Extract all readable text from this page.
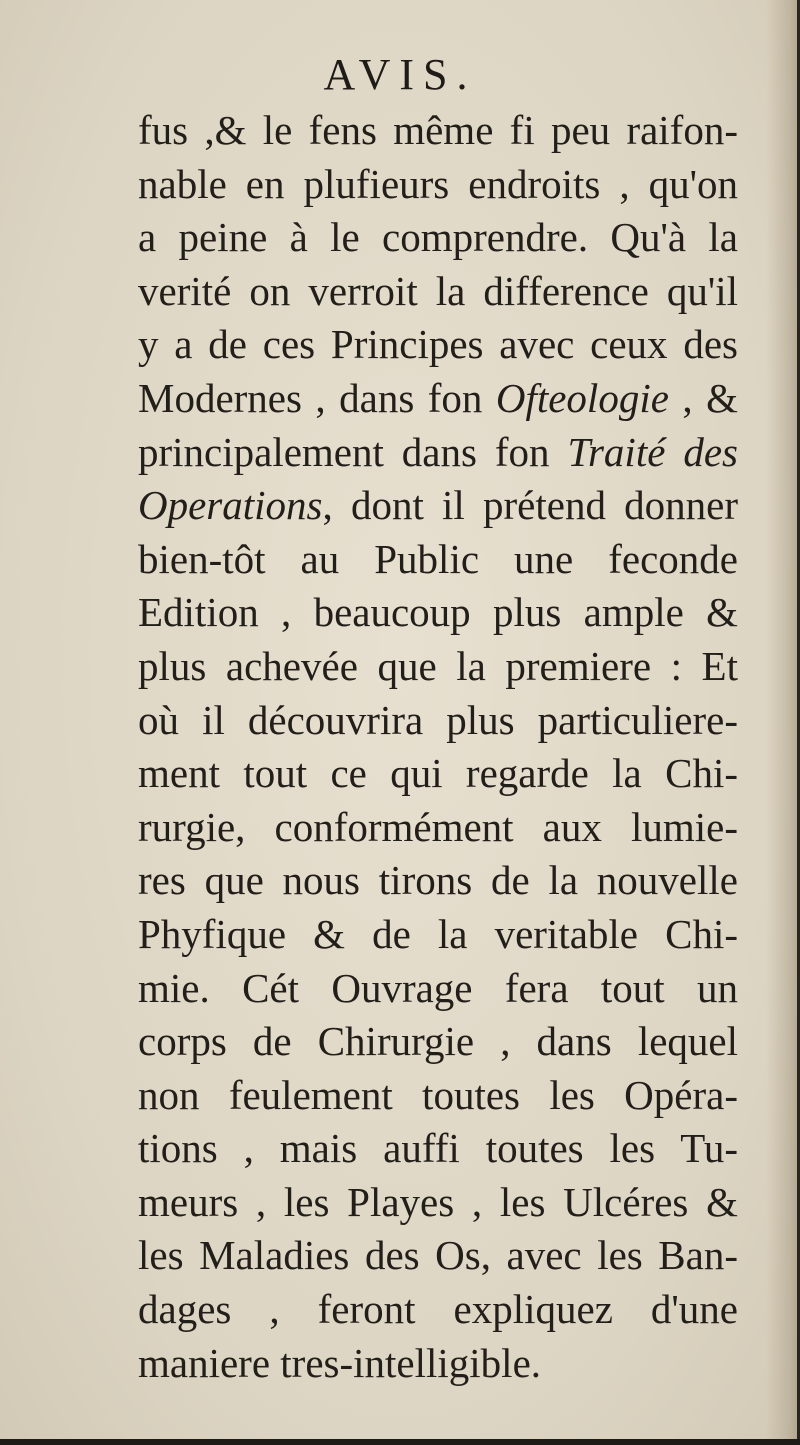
AVIS.
fus ,& le fens même fi peu raifon-
nable en plufieurs endroits , qu'on
a peine à le comprendre. Qu'à la
verité on verroit la difference qu'il
y a de ces Principes avec ceux des
Modernes , dans fon Ofteologie , &
principalement dans fon Traité des
Operations, dont il prétend donner
bien-tôt au Public une feconde
Edition , beaucoup plus ample &
plus achevée que la premiere : Et
où il découvrira plus particuliere-
ment tout ce qui regarde la Chi-
rurgie, conformément aux lumie-
res que nous tirons de la nouvelle
Phyfique & de la veritable Chi-
mie. Cét Ouvrage fera tout un
corps de Chirurgie , dans lequel
non feulement toutes les Opéra-
tions , mais auffi toutes les Tu-
meurs , les Playes , les Ulcéres &
les Maladies des Os, avec les Ban-
dages , feront expliquez d'une
maniere tres-intelligible.
